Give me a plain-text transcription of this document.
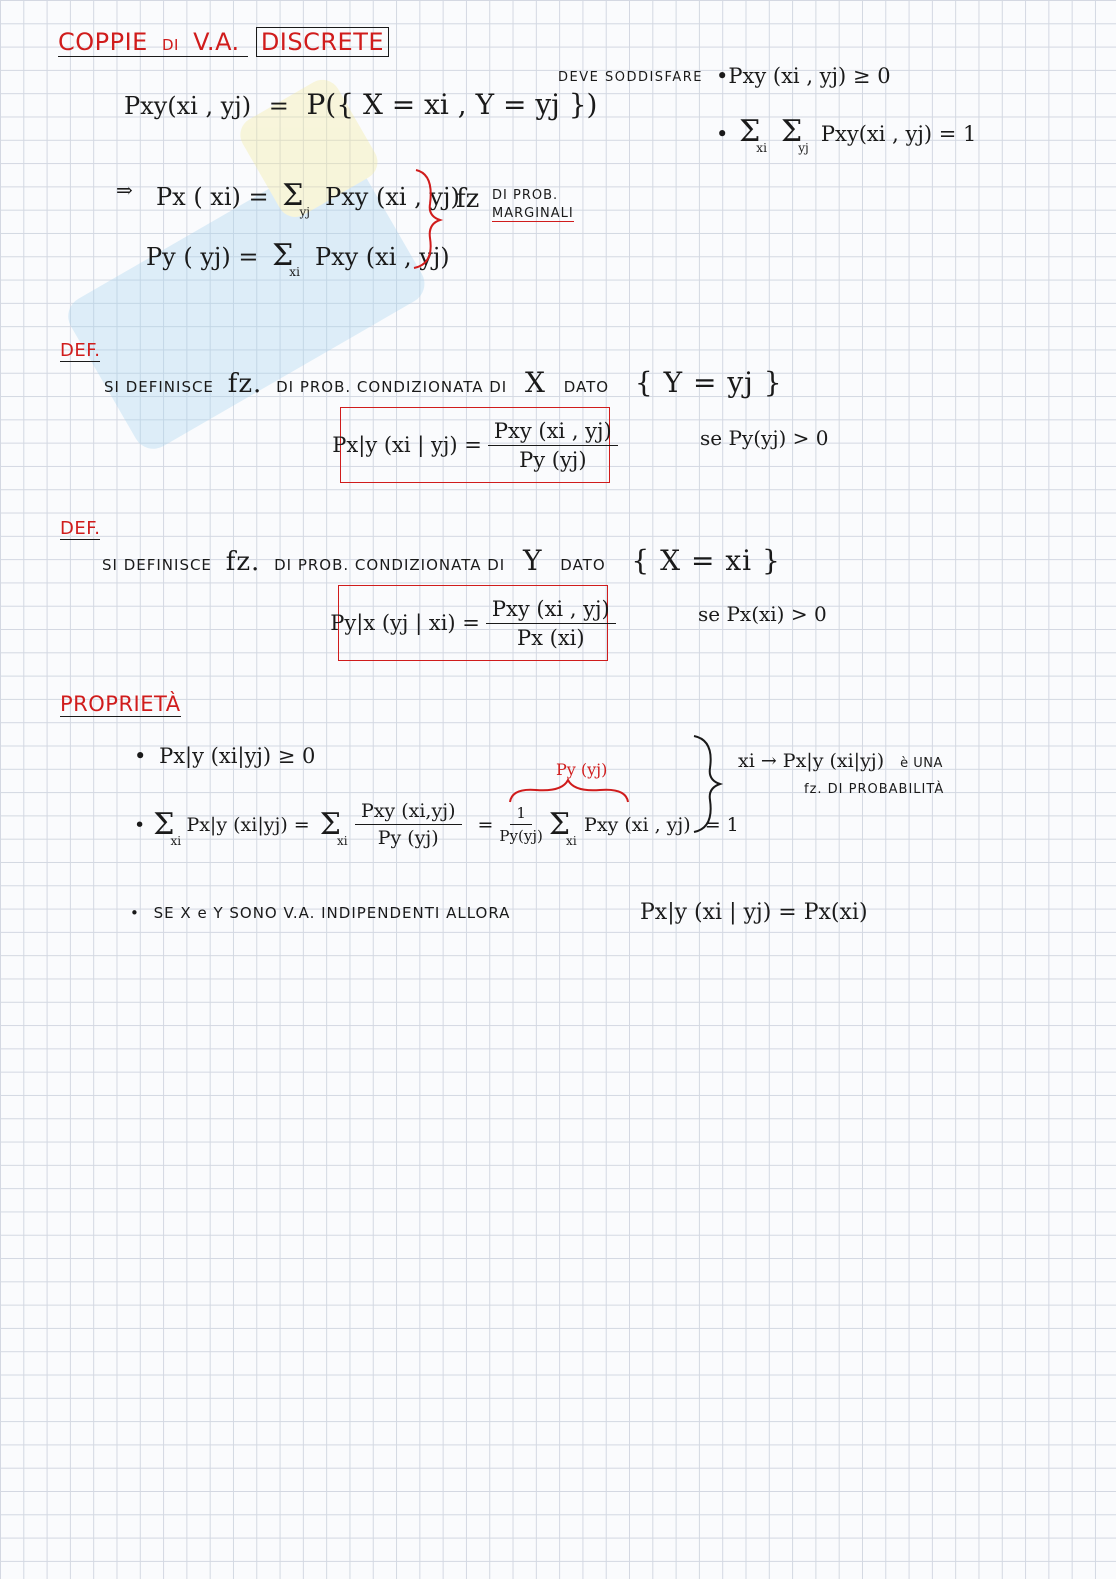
COPPIE DI V.A. DISCRETE
Pxy(xi , yj) = P({ X = xi , Y = yj })
DEVE SODDISFARE •Pxy (xi , yj) ≥ 0
• Σ
xi Σ
yj
Pxy(xi , yj) = 1
⇒ Px ( xi) = Σ
yj
Pxy (xi , yj)
Py ( yj) = Σ
xi
Pxy (xi , yj)
fz DI PROB.
MARGINALI
DEF.
SI DEFINISCE fz. DI PROB. CONDIZIONATA DI X DATO { Y = yj }
Px|y (xi | $yj) = \frac{\text{Pxy (xi , yj)}}{Py (yj)}$	se Py(yj) > 0
DEF.
SI DEFINISCE fz. DI PROB. CONDIZIONATA DI Y DATO { X = xi }
Py|x (yj | $xi) = \frac{\text{Pxy (xi , yj)}}{Px (xi)}$	se Px(xi) > 0
PROPRIETÀ
• Px|y (xi|yj) ≥ 0
Py (yj)
• Σ
xi
Px|y (xi|yj) = Σ
xi $\frac{\text{Pxy (xi,yj)}}{Py (yj)} = \frac{1}{Py(yj)}$ Σ
xi
Pxy (xi , yj) = 1
xi → Px|y (xi|yj) è UNA
fz. DI PROBABILITÀ
• SE X e Y SONO V.A. INDIPENDENTI ALLORA	Px|y (xi | yj) = Px(xi)
